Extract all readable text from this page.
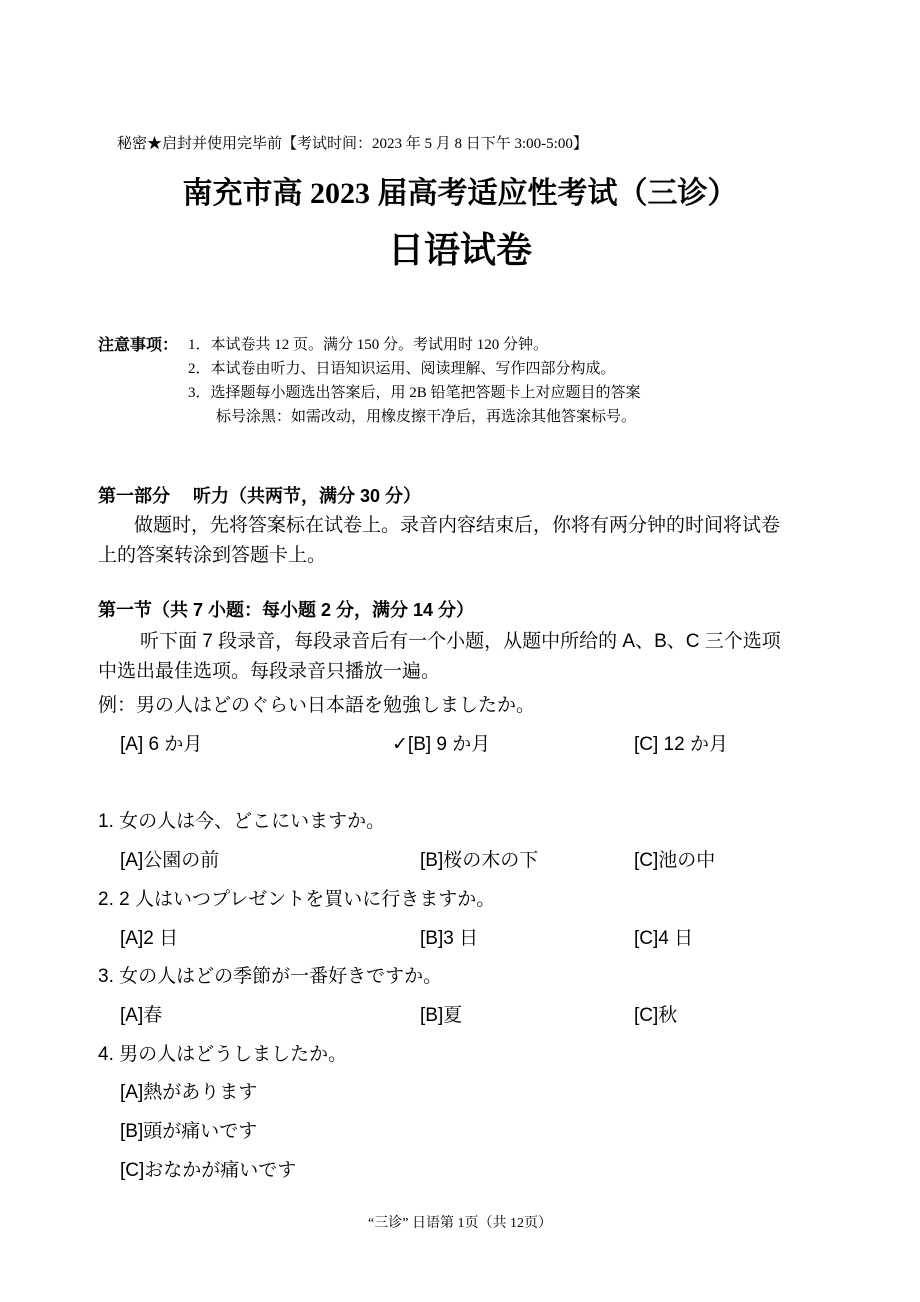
秘密★启封并使用完毕前【考试时间：2023 年 5 月 8 日下午 3:00-5:00】
南充市高 2023 届高考适应性考试（三诊）
日语试卷
注意事项： 1．本试卷共 12 页。满分 150 分。考试用时 120 分钟。
2．本试卷由听力、日语知识运用、阅读理解、写作四部分构成。
3．选择题每小题选出答案后，用 2B 铅笔把答题卡上对应题目的答案
标号涂黑：如需改动，用橡皮擦干净后，再选涂其他答案标号。
第一部分　 听力（共两节，满分 30 分）
做题时，先将答案标在试卷上。录音内容结束后，你将有两分钟的时间将试卷
上的答案转涂到答题卡上。
第一节（共 7 小题：每小题 2 分，满分 14 分）
听下面 7 段录音，每段录音后有一个小题，从题中所给的 A、B、C 三个选项
中选出最佳选项。每段录音只播放一遍。
例：男の人はどのぐらい日本語を勉強しましたか。
[A] 6 か月	✓[B] 9 か月	[C] 12 か月
1. 女の人は今、どこにいますか。
[A]公園の前	[B]桜の木の下	[C]池の中
2. 2 人はいつプレゼントを買いに行きますか。
[A]2 日	[B]3 日	[C]4 日
3. 女の人はどの季節が一番好きですか。
[A]春	[B]夏	[C]秋
4. 男の人はどうしましたか。
[A]熱があります
[B]頭が痛いです
[C]おなかが痛いです
“三诊” 日语第 1页（共 12页）
